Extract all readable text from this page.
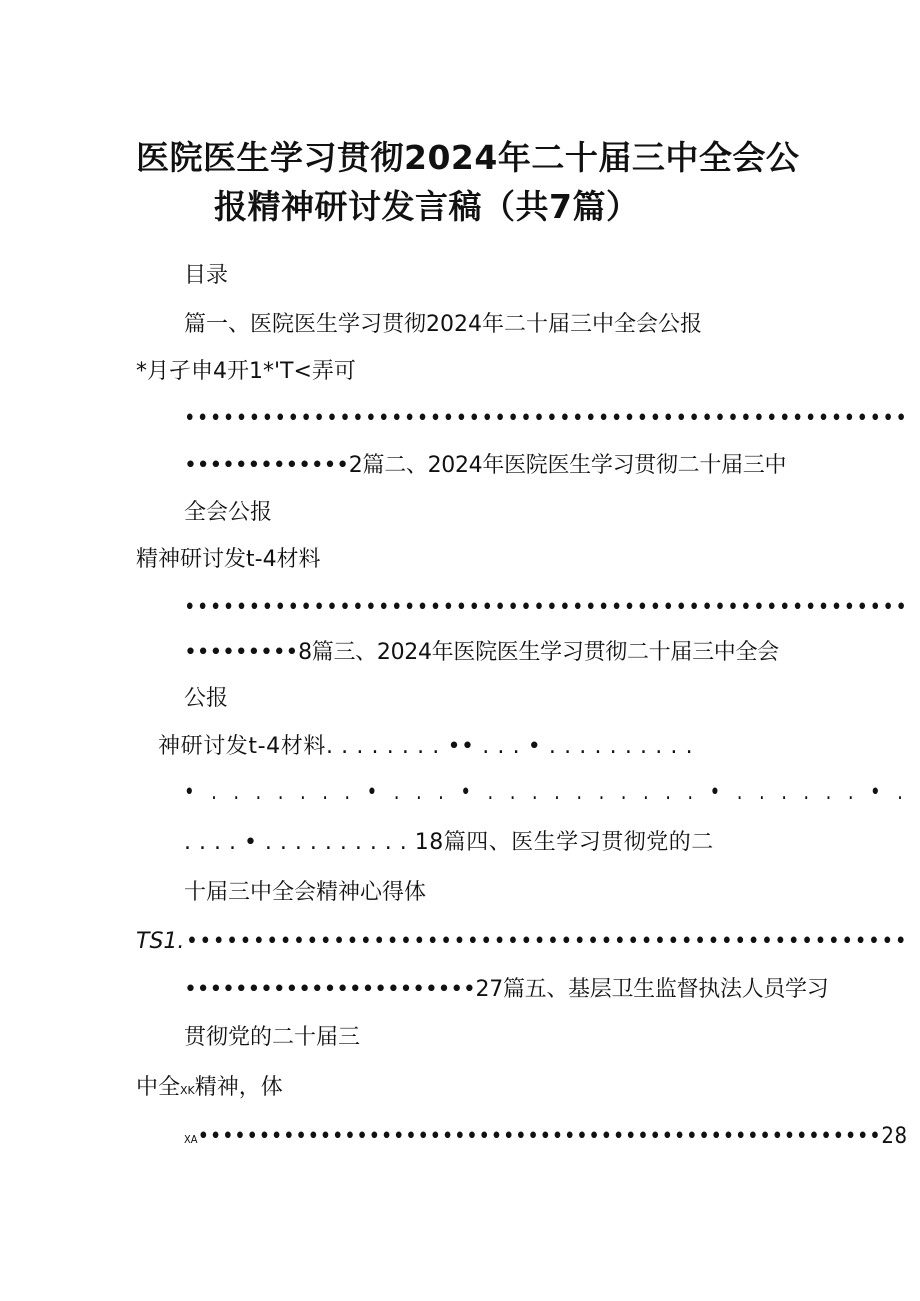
医院医生学习贯彻2024年二十届三中全会公
报精神研讨发言稿（共7篇）
目录
篇一、医院医生学习贯彻2024年二十届三中全会公报
*月孑申4开1*'T<弄可
••••••••••••••••••••••••••••••••••••••••••••••••••••••••
•••••••••••••2篇二、2024年医院医生学习贯彻二十届三中
全会公报
精神研讨发t-4材料
••••••••••••••••••••••••••••••••••••••••••••••••••••••••
•••••••••8篇三、2024年医院医生学习贯彻二十届三中全会
公报
神研讨发t-4材料. . . . . . . . •• . . . • . . . . . . . . . .
• . . . . . . . • . . . • . . . . . . . . . . • . . . . . . • .
. . . . • . . . . . . . . . . 18篇四、医生学习贯彻党的二
十届三中全会精神心得体
TS1. ••••••••••••••••••••••••••••••••••••••••••••••••••••••
•••••••••••••••••••••••27篇五、基层卫生监督执法人员学习
贯彻党的二十届三
中全XK精神，体
XA••••••••••••••••••••••••••••••••••••••••••••••••••••••••28
